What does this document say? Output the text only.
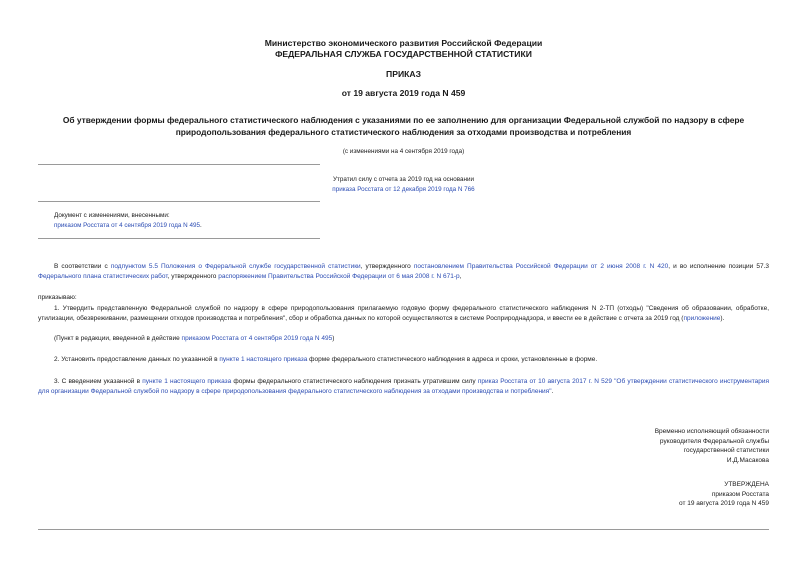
Министерство экономического развития Российской Федерации
ФЕДЕРАЛЬНАЯ СЛУЖБА ГОСУДАРСТВЕННОЙ СТАТИСТИКИ
ПРИКАЗ
от 19 августа 2019 года N 459
Об утверждении формы федерального статистического наблюдения с указаниями по ее заполнению для организации Федеральной службой по надзору в сфере природопользования федерального статистического наблюдения за отходами производства и потребления
(с изменениями на 4 сентября 2019 года)
Утратил силу с отчета за 2019 год на основании
приказа Росстата от 12 декабря 2019 года N 766
Документ с изменениями, внесенными:
приказом Росстата от 4 сентября 2019 года N 495.
В соответствии с подпунктом 5.5 Положения о Федеральной службе государственной статистики, утвержденного постановлением Правительства Российской Федерации от 2 июня 2008 г. N 420, и во исполнение позиции 57.3 Федерального плана статистических работ, утвержденного распоряжением Правительства Российской Федерации от 6 мая 2008 г. N 671-р,
приказываю:
1. Утвердить представленную Федеральной службой по надзору в сфере природопользования прилагаемую годовую форму федерального статистического наблюдения N 2-ТП (отходы) "Сведения об образовании, обработке, утилизации, обезвреживании, размещении отходов производства и потребления", сбор и обработка данных по которой осуществляются в системе Росприроднадзора, и ввести ее в действие с отчета за 2019 год (приложение).
(Пункт в редакции, введенной в действие приказом Росстата от 4 сентября 2019 года N 495)
2. Установить предоставление данных по указанной в пункте 1 настоящего приказа форме федерального статистического наблюдения в адреса и сроки, установленные в форме.
3. С введением указанной в пункте 1 настоящего приказа формы федерального статистического наблюдения признать утратившим силу приказ Росстата от 10 августа 2017 г. N 529 "Об утверждении статистического инструментария для организации Федеральной службой по надзору в сфере природопользования федерального статистического наблюдения за отходами производства и потребления".
Временно исполняющий обязанности
руководителя Федеральной службы
государственной статистики
И.Д.Масакова
УТВЕРЖДЕНА
приказом Росстата
от 19 августа 2019 года N 459
